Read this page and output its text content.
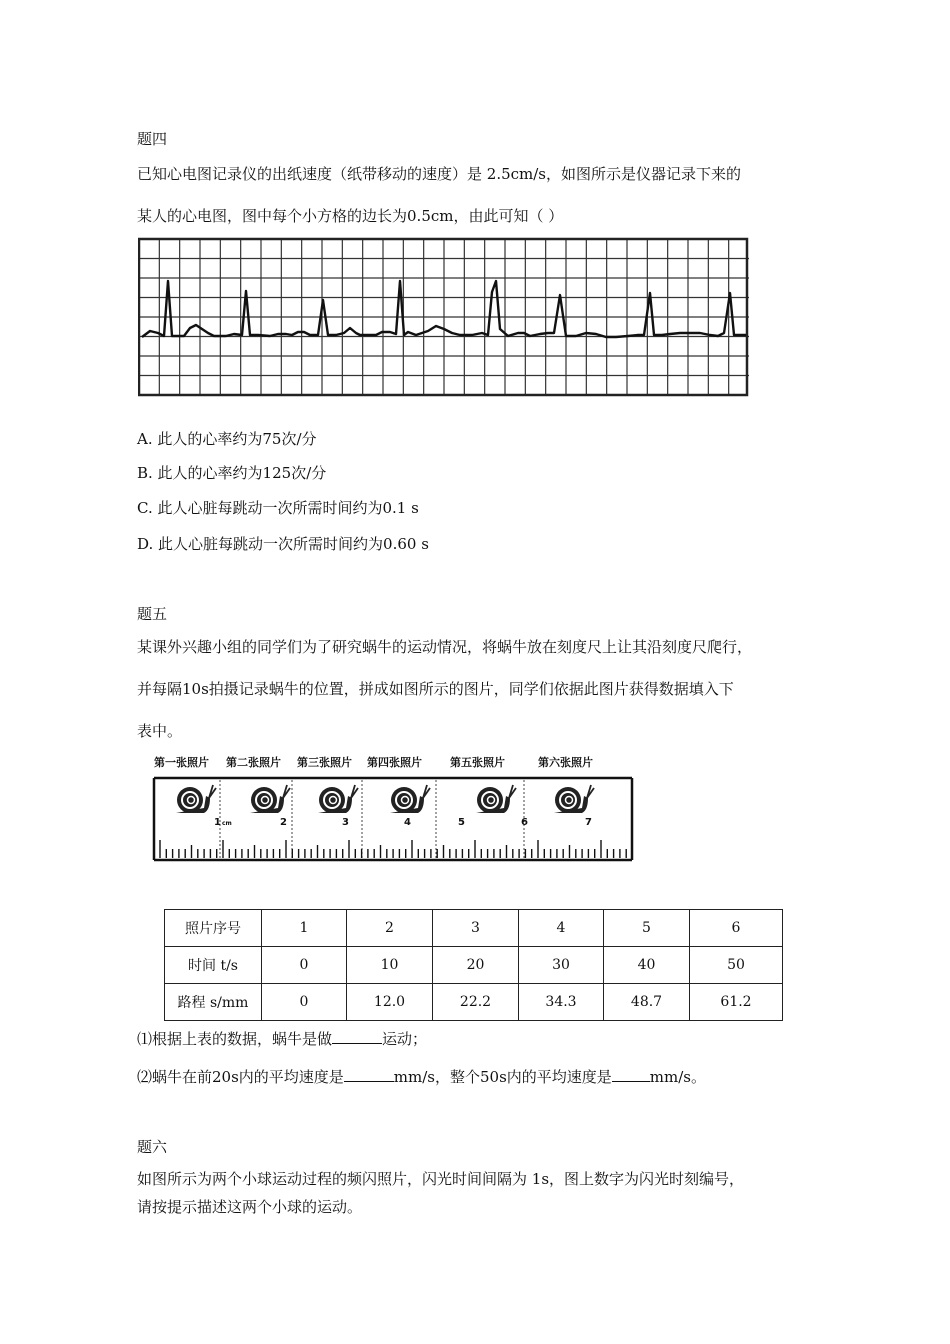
题四
已知心电图记录仪的出纸速度（纸带移动的速度）是 2.5cm/s，如图所示是仪器记录下来的
某人的心电图，图中每个小方格的边长为0.5cm，由此可知（ ）
A. 此人的心率约为75次/分
B. 此人的心率约为125次/分
C. 此人心脏每跳动一次所需时间约为0.1 s
D. 此人心脏每跳动一次所需时间约为0.60 s
题五
某课外兴趣小组的同学们为了研究蜗牛的运动情况，将蜗牛放在刻度尺上让其沿刻度尺爬行，
并每隔10s拍摄记录蜗牛的位置，拼成如图所示的图片，同学们依据此图片获得数据填入下
表中。
第一张照片 第二张照片 第三张照片 第四张照片	第五张照片	第六张照片
1 cm	2	3	4	5	6	7
照片序号	1	2	3	4	5	6
时间 t/s	0	10	20	30	40	50
路程 s/mm	0	12.0	22.2	34.3	48.7	61.2
⑴根据上表的数据，蜗牛是做	运动；
⑵蜗牛在前20s内的平均速度是	mm/s，整个50s内的平均速度是	mm/s。
题六
如图所示为两个小球运动过程的频闪照片，闪光时间间隔为 1s，图上数字为闪光时刻编号，
请按提示描述这两个小球的运动。
